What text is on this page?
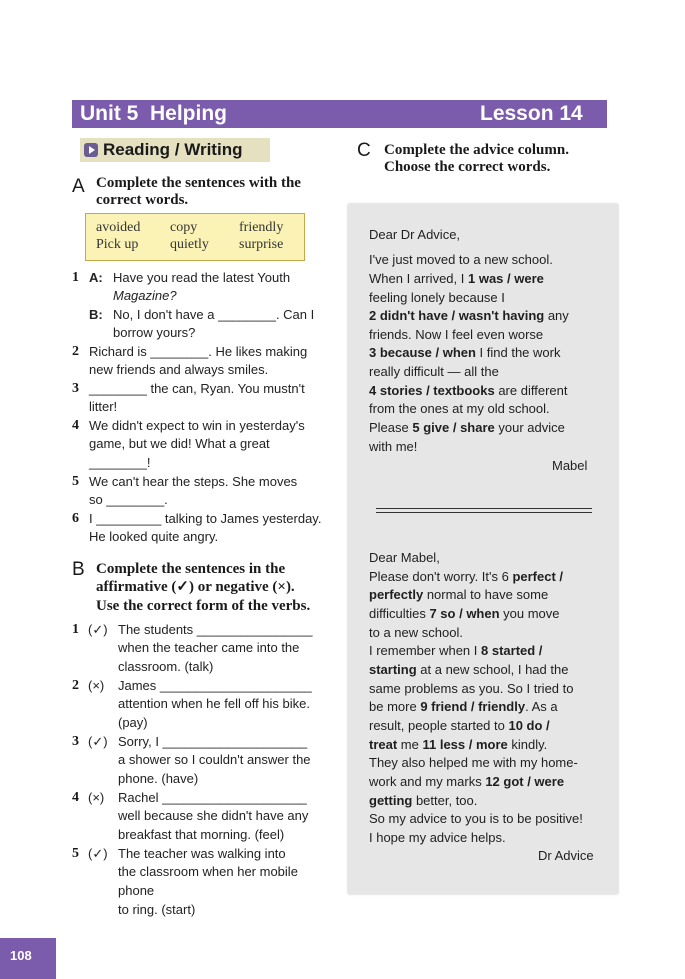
Unit 5  Helping	Lesson 14
Reading / Writing
A Complete the sentences with the
correct words.
avoided copy	friendly
Pick up quietly surprise
1 A: Have you read the latest Youth
Magazine?
B: No, I don't have a ________. Can I
borrow yours?
2 Richard is ________. He likes making
new friends and always smiles.
3 ________ the can, Ryan. You mustn't
litter!
4 We didn't expect to win in yesterday's
game, but we did! What a great
________!
5 We can't hear the steps. She moves
so ________.
6 I _________ talking to James yesterday.
He looked quite angry.
B Complete the sentences in the
affirmative (✓) or negative (×).
Use the correct form of the verbs.
1 (✓) The students ________________
when the teacher came into the
classroom. (talk)
2 (×) James _____________________
attention when he fell off his bike.
(pay)
3 (✓) Sorry, I ____________________
a shower so I couldn't answer the
phone. (have)
4 (×) Rachel ____________________
well because she didn't have any
breakfast that morning. (feel)
5 (✓) The teacher was walking into
the classroom when her mobile
phone
to ring. (start)
C Complete the advice column.
Choose the correct words.
Dear Dr Advice,
I've just moved to a new school.
When I arrived, I 1 was / were
feeling lonely because I
2 didn't have / wasn't having any
friends. Now I feel even worse
3 because / when I find the work
really difficult — all the
4 stories / textbooks are different
from the ones at my old school.
Please 5 give / share your advice
with me!
Mabel
Dear Mabel,
Please don't worry. It's 6 perfect /
perfectly normal to have some
difficulties 7 so / when you move
to a new school.
I remember when I 8 started /
starting at a new school, I had the
same problems as you. So I tried to
be more 9 friend / friendly. As a
result, people started to 10 do /
treat me 11 less / more kindly.
They also helped me with my home-
work and my marks 12 got / were
getting better, too.
So my advice to you is to be positive!
I hope my advice helps.
Dr Advice
108
